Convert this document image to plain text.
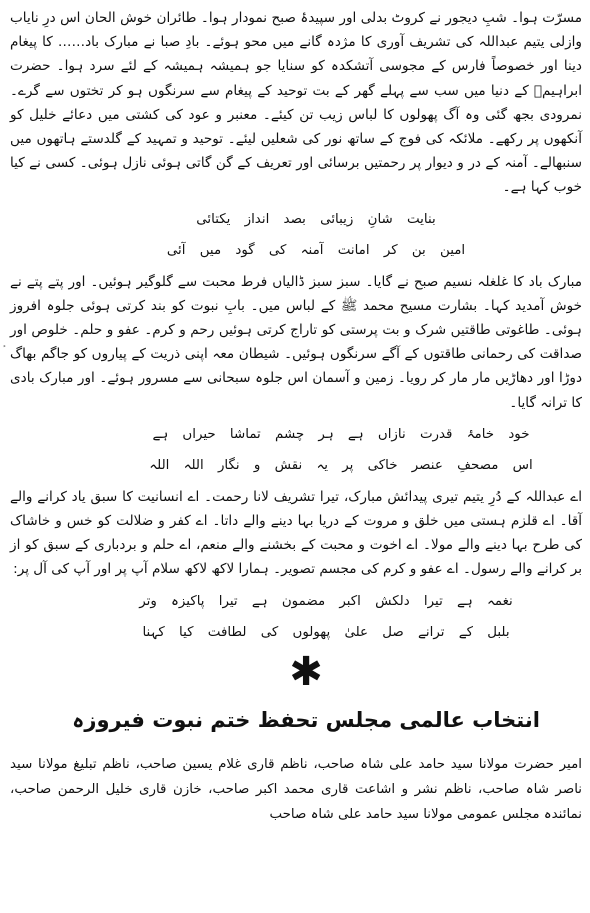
مسرّت ہوا۔ شبِ دیجور نے کروٹ بدلی اور سپیدۂ صبح نمودار ہوا۔ طائران خوش الحان اس درِ نایاب وازلی یتیم عبداللہ کی تشریف آوری کا مژدہ گانے میں محو ہوئے۔ بادِ صبا نے مبارک باد…… کا پیغام دینا اور خصوصاً فارس کے مجوسی آتشکدہ کو سنایا جو ہمیشہ ہمیشہ کے لئے سرد ہوا۔ حضرت ابراہیمؑ کے دنیا میں سب سے پہلے گھر کے بت توحید کے پیغام سے سرنگوں ہو کر تختوں سے گرے۔ نمرودی بجھ گئی وہ آگ پھولوں کا لباس زیب تن کیئے۔ معنبر و عود کی کشتی میں دعائے خلیل کو آنکھوں پر رکھے۔ ملائکہ کی فوج کے ساتھ نور کی شعلیں لیئے۔ توحید و تمہید کے گلدستے ہاتھوں میں سنبھالے۔ آمنہ کے در و دیوار پر رحمتیں برسائی اور تعریف کے گن گاتی ہوئی نازل ہوئی۔ کسی نے کیا خوب کہا ہے۔

بنایت شانِ زیبائی بصد انداز یکتائی

امین بن کر امانت آمنہ کی گود میں آئی

مبارک باد کا غلغلہ نسیم صبح نے گایا۔ سبز سبز ڈالیاں فرط محبت سے گلوگیر ہوئیں۔ اور پتے پتے نے خوش آمدید کہا۔ بشارت مسیح محمد ﷺ کے لباس میں۔ بابِ نبوت کو بند کرتی ہوئی جلوہ افروز ہوئی۔ طاغوتی طاقتیں شرک و بت پرستی کو تاراج کرتی ہوئیں رحم و کرم۔ عفو و حلم۔ خلوص اور صداقت کی رحمانی طاقتوں کے آگے سرنگوں ہوئیں۔ شیطان معہ اپنی ذریت کے پیاروں کو جاگم بھاگ دوڑا اور دھاڑیں مار مار کر رویا۔ زمین و آسمان اس جلوہ سبحانی سے مسرور ہوئے۔ اور مبارک بادی کا ترانہ گایا۔

خود خامۂ قدرت نازاں ہے ہر چشم تماشا حیراں ہے

اس مصحفِ عنصر خاکی پر یہ نقش و نگار اللہ اللہ

اے عبداللہ کے دُرِ یتیم تیری پیدائش مبارک، تیرا تشریف لانا رحمت۔ اے انسانیت کا سبق یاد کرانے والے آقا۔ اے قلزم ہستی میں خلق و مروت کے دریا بہا دینے والے داتا۔ اے کفر و ضلالت کو خس و خاشاک کی طرح بہا دینے والے مولا۔ اے اخوت و محبت کے بخشنے والے منعم، اے حلم و بردباری کے سبق کو از بر کرانے والے رسول۔ اے عفو و کرم کی مجسم تصویر۔ ہمارا لاکھ لاکھ سلام آپ پر اور آپ کی آل پر:

نغمہ ہے تیرا دلکش اکبر مضمون ہے تیرا پاکیزہ وتر

بلبل کے ترانے صل علیٰ پھولوں کی لطافت کیا کہنا

✱
انتخاب عالمی مجلس تحفظ ختم نبوت فیروزہ

امیر حضرت مولانا سید حامد علی شاہ صاحب، ناظم قاری غلام یسین صاحب، ناظم تبلیغ مولانا سید ناصر شاہ صاحب، ناظم نشر و اشاعت قاری محمد اکبر صاحب، خازن قاری خلیل الرحمن صاحب، نمائندہ مجلس عمومی مولانا سید حامد علی شاہ صاحب
